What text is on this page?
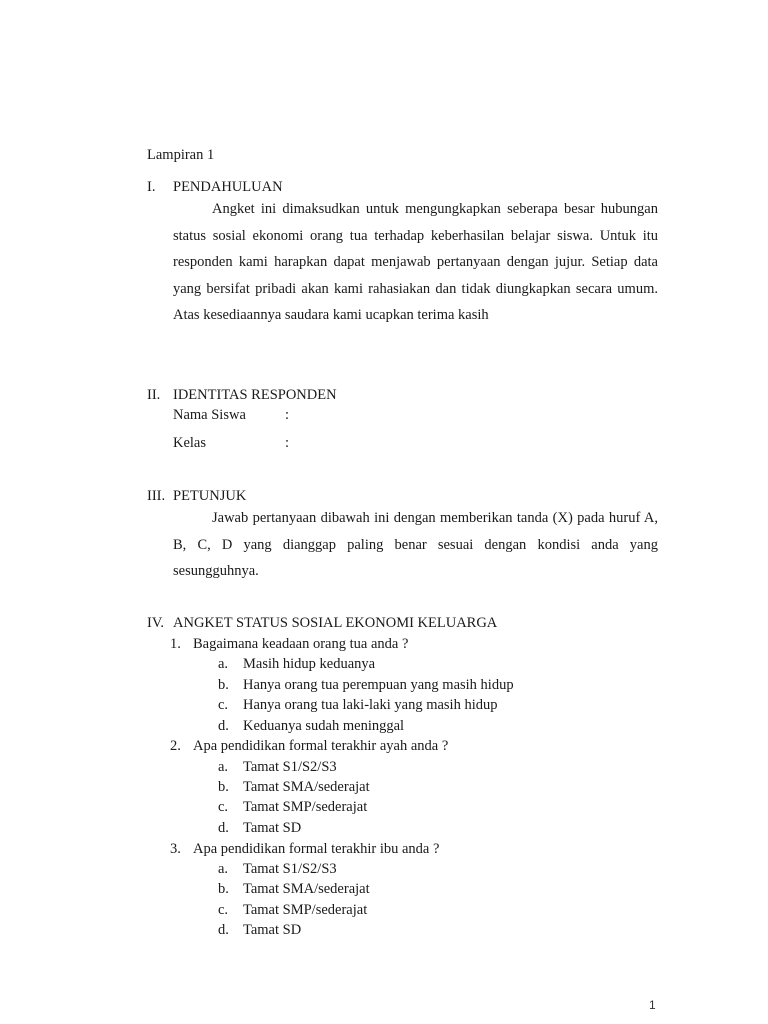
Lampiran 1
I. PENDAHULUAN
Angket ini dimaksudkan untuk mengungkapkan seberapa besar hubungan status sosial ekonomi orang tua terhadap keberhasilan belajar siswa. Untuk itu responden kami harapkan dapat menjawab pertanyaan dengan jujur. Setiap data yang bersifat pribadi akan kami rahasiakan dan tidak diungkapkan secara umum. Atas kesediaannya saudara kami ucapkan terima kasih
II. IDENTITAS RESPONDEN
Nama Siswa	:
Kelas	:
III. PETUNJUK
Jawab pertanyaan dibawah ini dengan memberikan tanda (X) pada huruf A, B, C, D yang dianggap paling benar sesuai dengan kondisi anda yang sesungguhnya.
IV. ANGKET STATUS SOSIAL EKONOMI KELUARGA
1. Bagaimana keadaan orang tua anda ?
a. Masih hidup keduanya
b. Hanya orang tua perempuan yang masih hidup
c. Hanya orang tua laki-laki yang masih hidup
d. Keduanya sudah meninggal
2. Apa pendidikan formal terakhir ayah anda ?
a. Tamat S1/S2/S3
b. Tamat SMA/sederajat
c. Tamat SMP/sederajat
d. Tamat SD
3. Apa pendidikan formal terakhir ibu anda ?
a. Tamat S1/S2/S3
b. Tamat SMA/sederajat
c. Tamat SMP/sederajat
d. Tamat SD
1
